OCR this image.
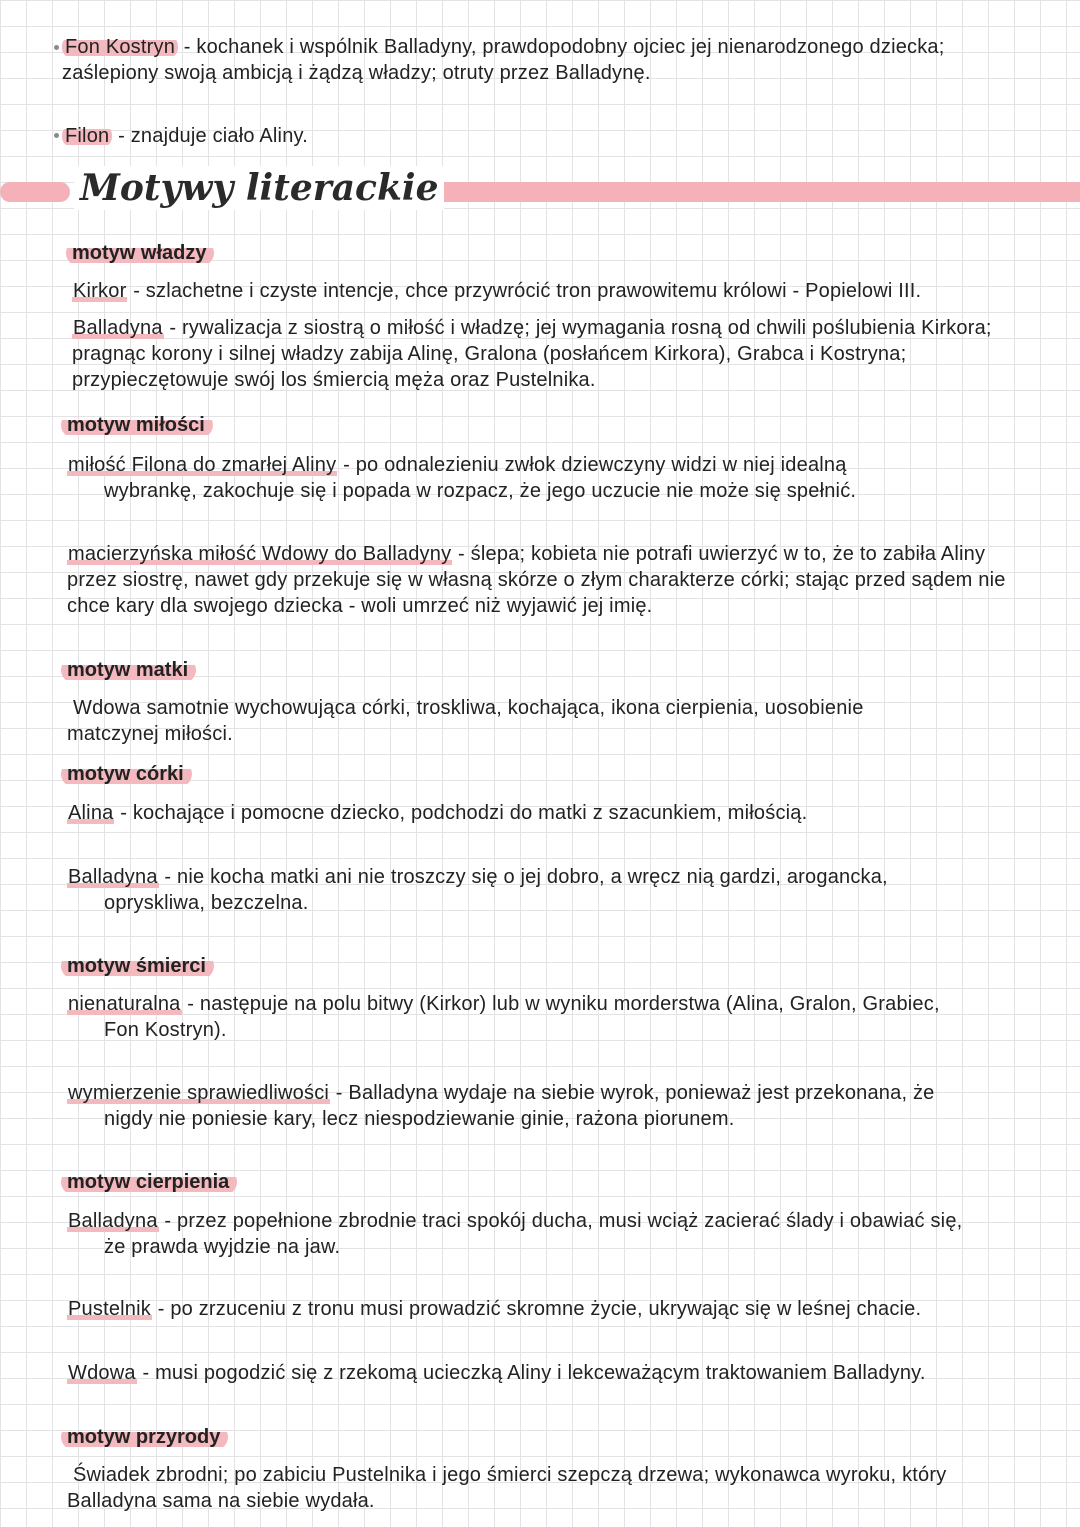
Fon Kostryn - kochanek i wspólnik Balladyny, prawdopodobny ojciec jej nienarodzonego dziecka; zaślepiony swoją ambicją i żądzą władzy; otruty przez Balladynę.
Filon - znajduje ciało Aliny.
Motywy literackie
motyw władzy
Kirkor - szlachetne i czyste intencje, chce przywrócić tron prawowitemu królowi - Popielowi III.
Balladyna - rywalizacja z siostrą o miłość i władzę; jej wymagania rosną od chwili poślubienia Kirkora; pragnąc korony i silnej władzy zabija Alinę, Gralona (posłańcem Kirkora), Grabca i Kostryna; przypieczętowuje swój los śmiercią męża oraz Pustelnika.
motyw miłości
miłość Filona do zmarłej Aliny - po odnalezieniu zwłok dziewczyny widzi w niej idealną
wybrankę, zakochuje się i popada w rozpacz, że jego uczucie nie może się spełnić.
macierzyńska miłość Wdowy do Balladyny - ślepa; kobieta nie potrafi uwierzyć w to, że to zabiła Aliny przez siostrę, nawet gdy przekuje się w własną skórze o złym charakterze córki; stając przed sądem nie chce kary dla swojego dziecka - woli umrzeć niż wyjawić jej imię.
motyw matki
Wdowa samotnie wychowująca córki, troskliwa, kochająca, ikona cierpienia, uosobienie matczynej miłości.
motyw córki
Alina - kochające i pomocne dziecko, podchodzi do matki z szacunkiem, miłością.
Balladyna - nie kocha matki ani nie troszczy się o jej dobro, a wręcz nią gardzi, arogancka,
opryskliwa, bezczelna.
motyw śmierci
nienaturalna - następuje na polu bitwy (Kirkor) lub w wyniku morderstwa (Alina, Gralon, Grabiec,
Fon Kostryn).
wymierzenie sprawiedliwości - Balladyna wydaje na siebie wyrok, ponieważ jest przekonana, że
nigdy nie poniesie kary, lecz niespodziewanie ginie, rażona piorunem.
motyw cierpienia
Balladyna - przez popełnione zbrodnie traci spokój ducha, musi wciąż zacierać ślady i obawiać się,
że prawda wyjdzie na jaw.
Pustelnik - po zrzuceniu z tronu musi prowadzić skromne życie, ukrywając się w leśnej chacie.
Wdowa - musi pogodzić się z rzekomą ucieczką Aliny i lekceważącym traktowaniem Balladyny.
motyw przyrody
Świadek zbrodni; po zabiciu Pustelnika i jego śmierci szepczą drzewa; wykonawca wyroku, który Balladyna sama na siebie wydała.
